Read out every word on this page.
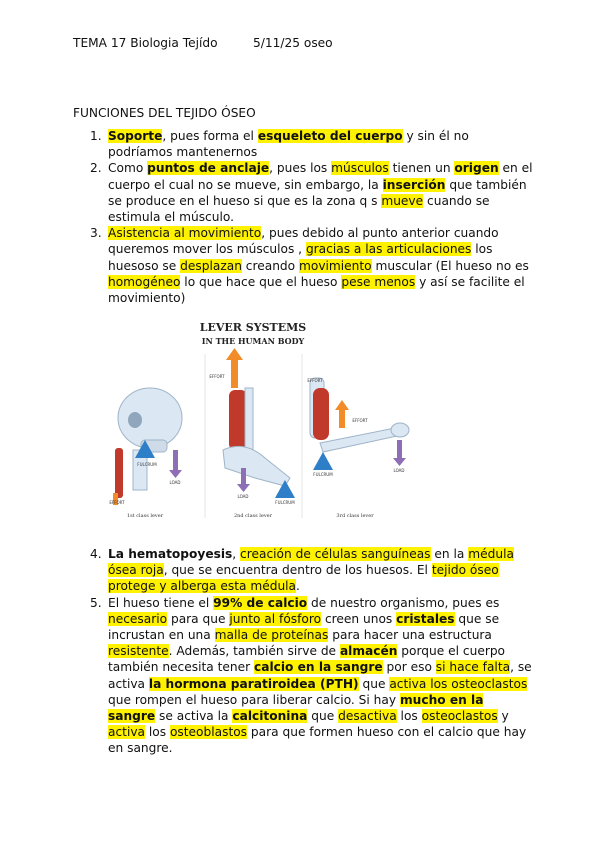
TEMA 17 Biologia Tejído	5/11/25 oseo
FUNCIONES DEL TEJIDO ÓSEO
1. Soporte, pues forma el esqueleto del cuerpo y sin él no podríamos mantenernos
2. Como puntos de anclaje, pues los músculos tienen un origen en el cuerpo el cual no se mueve, sin embargo, la inserción que también se produce en el hueso si que es la zona q s mueve cuando se estimula el músculo.
3. Asistencia al movimiento, pues debido al punto anterior cuando queremos mover los músculos , gracias a las articulaciones los huesoso se desplazan creando movimiento muscular (El hueso no es homogéneo lo que hace que el hueso pese menos y así se facilite el movimiento)
LEVER SYSTEMS
IN THE HUMAN BODY
FULCRUM
LOAD
EFFORT
EFFORT
FULCRUM
LOAD
EFFORT
LOAD
FULCRUM
EFFORT
1st class lever	2nd class lever	3rd class lever
4. La hematopoyesis, creación de células sanguíneas en la médula ósea roja, que se encuentra dentro de los huesos. El tejido óseo protege y alberga esta médula.
5. El hueso tiene el 99% de calcio de nuestro organismo, pues es necesario para que junto al fósforo creen unos cristales que se incrustan en una malla de proteínas para hacer una estructura resistente. Además, también sirve de almacén porque el cuerpo también necesita tener calcio en la sangre por eso si hace falta, se activa la hormona paratiroidea (PTH) que activa los osteoclastos que rompen el hueso para liberar calcio. Si hay mucho en la sangre se activa la calcitonina que desactiva los osteoclastos y activa los osteoblastos para que formen hueso con el calcio que hay en sangre.
